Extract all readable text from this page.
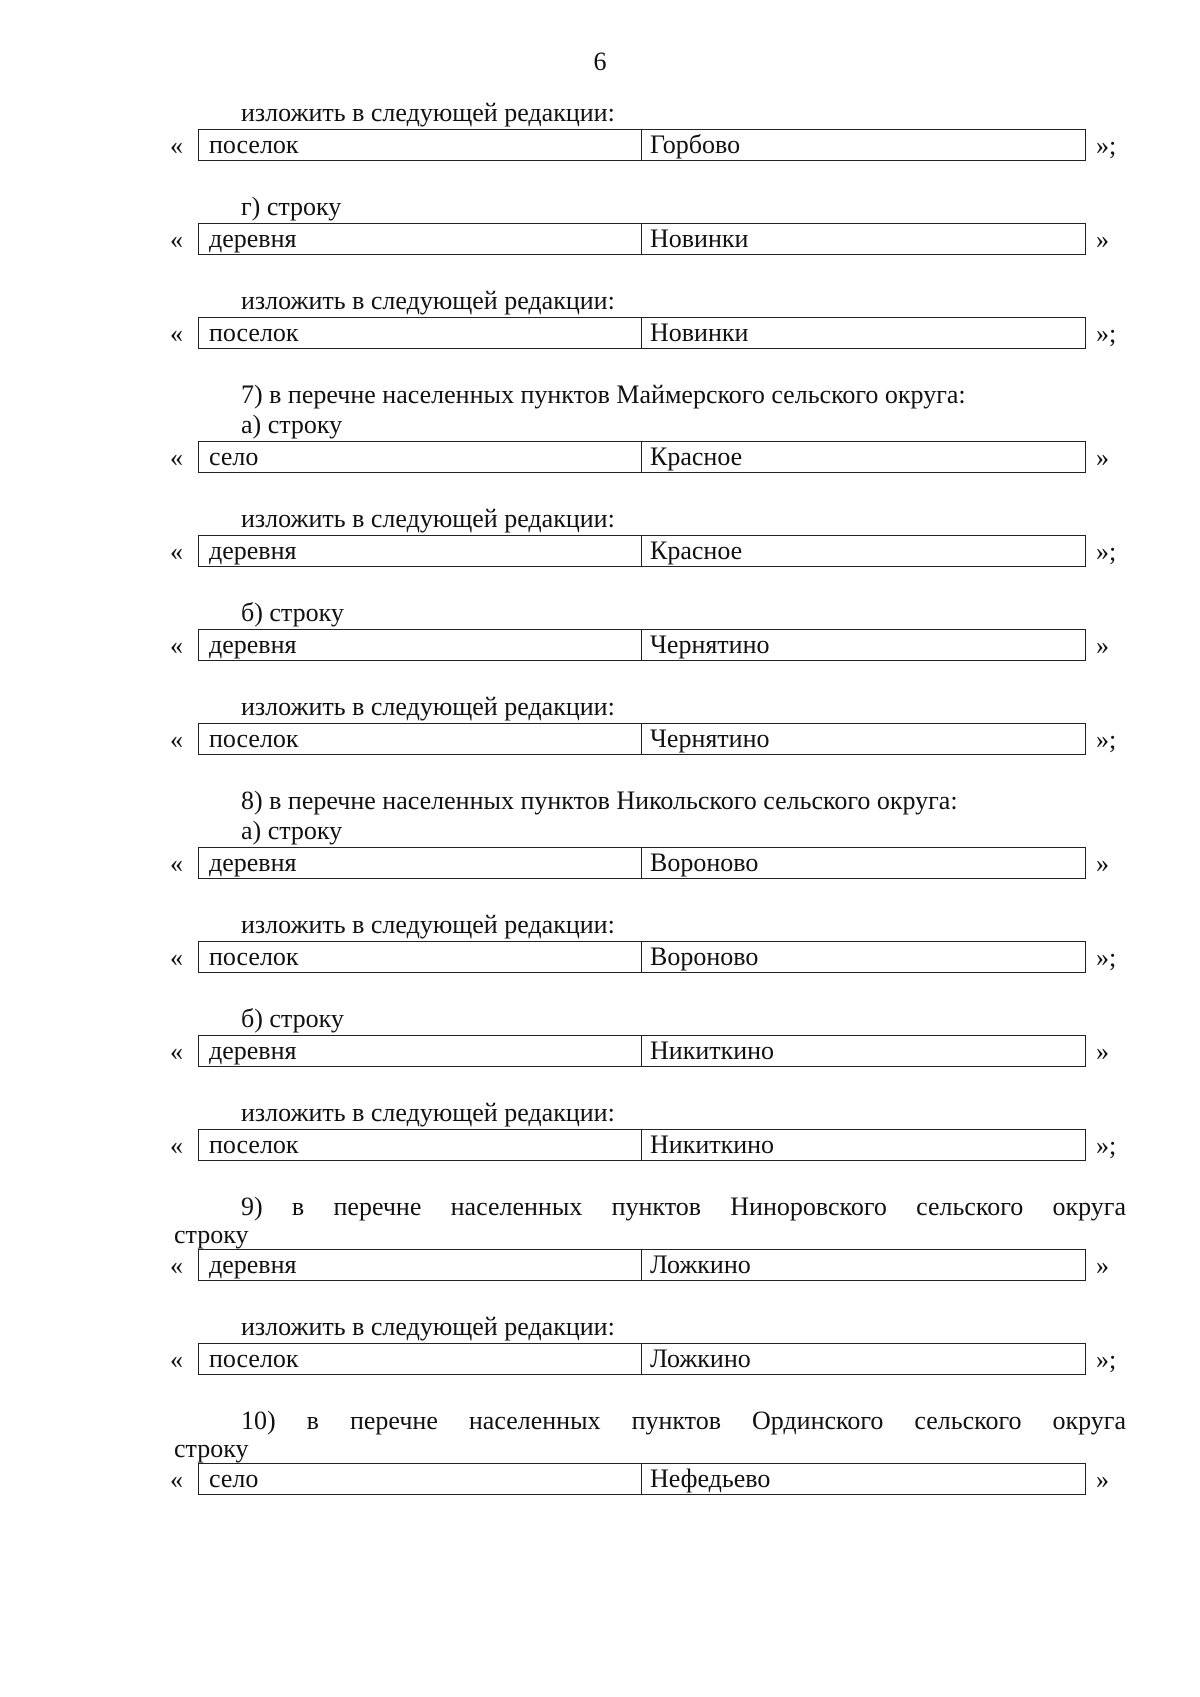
6
изложить в следующей редакции:
«	поселок	Горбово	»;
г) строку
«	деревня	Новинки	»
изложить в следующей редакции:
«	поселок	Новинки	»;
7) в перечне населенных пунктов Маймерского сельского округа:
а) строку
«	село	Красное	»
изложить в следующей редакции:
«	деревня	Красное	»;
б) строку
«	деревня	Чернятино	»
изложить в следующей редакции:
«	поселок	Чернятино	»;
8) в перечне населенных пунктов Никольского сельского округа:
а) строку
«	деревня	Вороново	»
изложить в следующей редакции:
«	поселок	Вороново	»;
б) строку
«	деревня	Никиткино	»
изложить в следующей редакции:
«	поселок	Никиткино	»;
9) в перечне населенных пунктов Ниноровского сельского округа
строку
«	деревня	Ложкино	»
изложить в следующей редакции:
«	поселок	Ложкино	»;
10) в перечне населенных пунктов Ординского сельского округа
строку
«	село	Нефедьево	»
